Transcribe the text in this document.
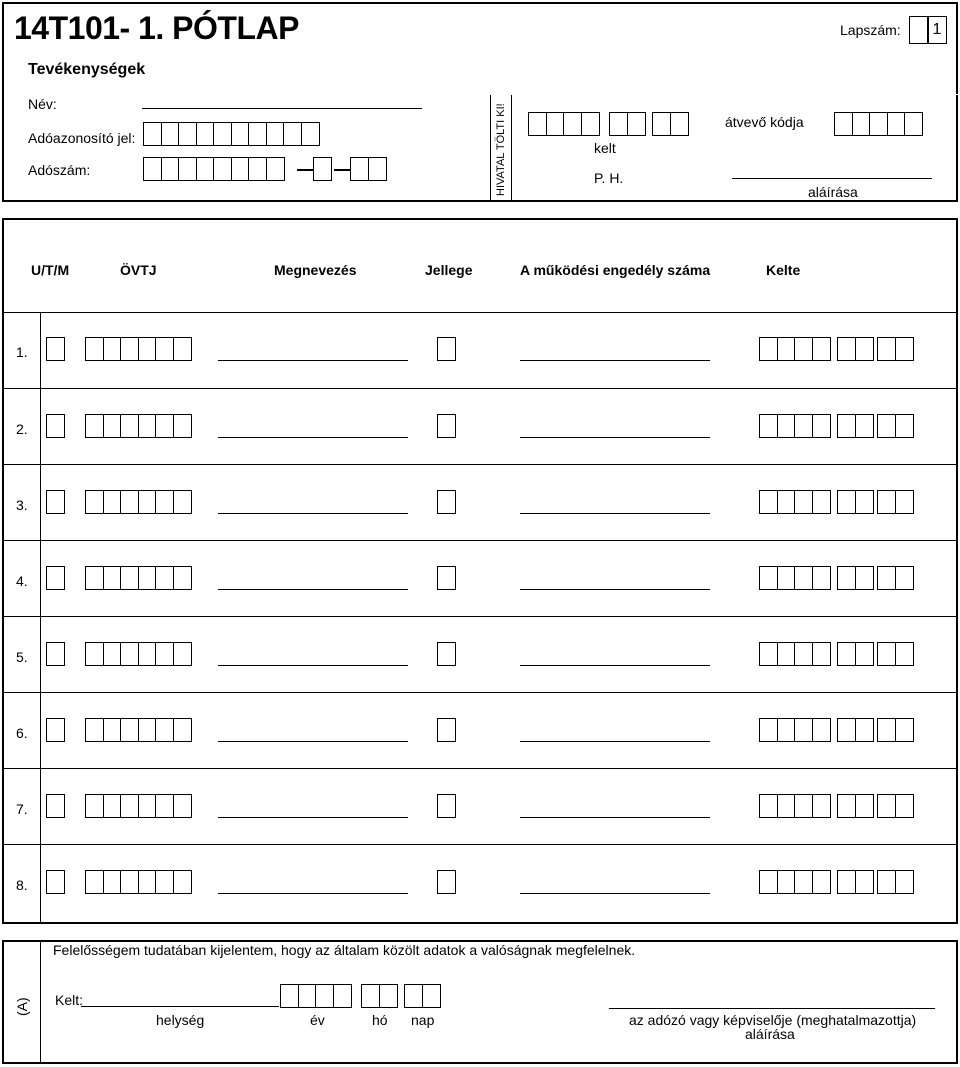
14T101- 1. PÓTLAP	Lapszám:	1
Tevékenységek
Név:
Adóazonosító jel:
Adószám:	HIVATAL TÖLTI KI!	kelt
P. H.
átvevő kódja
aláírása
U/T/M	ÖVTJ	Megnevezés	Jellege	A működési engedély száma	Kelte
1.
2.
3.
4.
5.
6.
7.
8.
(A)
Felelősségem tudatában kijelentem, hogy az általam közölt adatok a valóságnak megfelelnek.
Kelt:
helység	év	hó nap	az adózó vagy képviselője (meghatalmazottja)
aláírása
